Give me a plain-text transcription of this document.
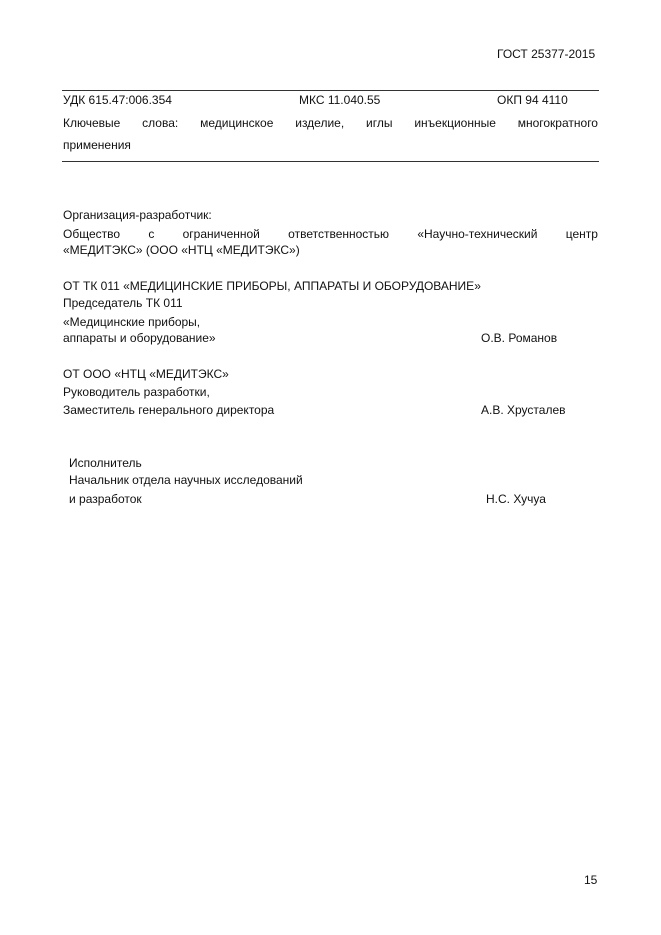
ГОСТ 25377-2015
УДК 615.47:006.354	МКС 11.040.55	ОКП 94 4110
Ключевые слова: медицинское изделие, иглы инъекционные многократного
применения
Организация-разработчик:
Общество с ограниченной ответственностью «Научно-технический центр
«МЕДИТЭКС» (ООО «НТЦ «МЕДИТЭКС»)
ОТ ТК 011 «МЕДИЦИНСКИЕ ПРИБОРЫ, АППАРАТЫ И ОБОРУДОВАНИЕ»
Председатель ТК 011
«Медицинские приборы,
аппараты и оборудование»	О.В. Романов
ОТ ООО «НТЦ «МЕДИТЭКС»
Руководитель разработки,
Заместитель генерального директора	А.В. Хрусталев
Исполнитель
Начальник отдела научных исследований
и разработок	Н.С. Хучуа
15
